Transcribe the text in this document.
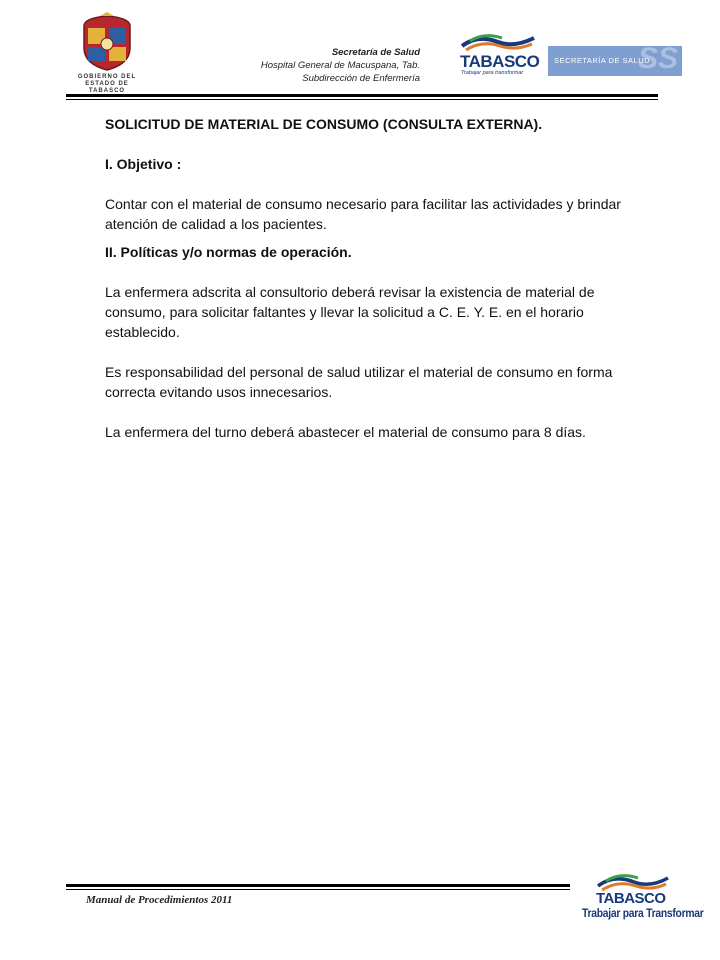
GOBIERNO DEL
ESTADO DE
TABASCO
Secretaría de Salud
Hospital General de Macuspana, Tab.
Subdirección de Enfermería
TABASCO
Trabajar para transformar
SECRETARÍA DE SALUD
SS

SOLICITUD DE MATERIAL DE CONSUMO (CONSULTA EXTERNA).

I. Objetivo :

Contar con el material de consumo necesario para facilitar las actividades y brindar atención de calidad a los pacientes.

II. Políticas y/o normas de operación.

La enfermera adscrita al consultorio deberá revisar la existencia de material de consumo, para solicitar faltantes y llevar la solicitud a C. E. Y. E. en el horario establecido.

Es responsabilidad del personal de salud utilizar el material de consumo en forma correcta evitando usos innecesarios.

La enfermera del turno deberá abastecer el material de consumo para 8 días.

Manual de Procedimientos 2011	TABASCO
Trabajar para Transformar
